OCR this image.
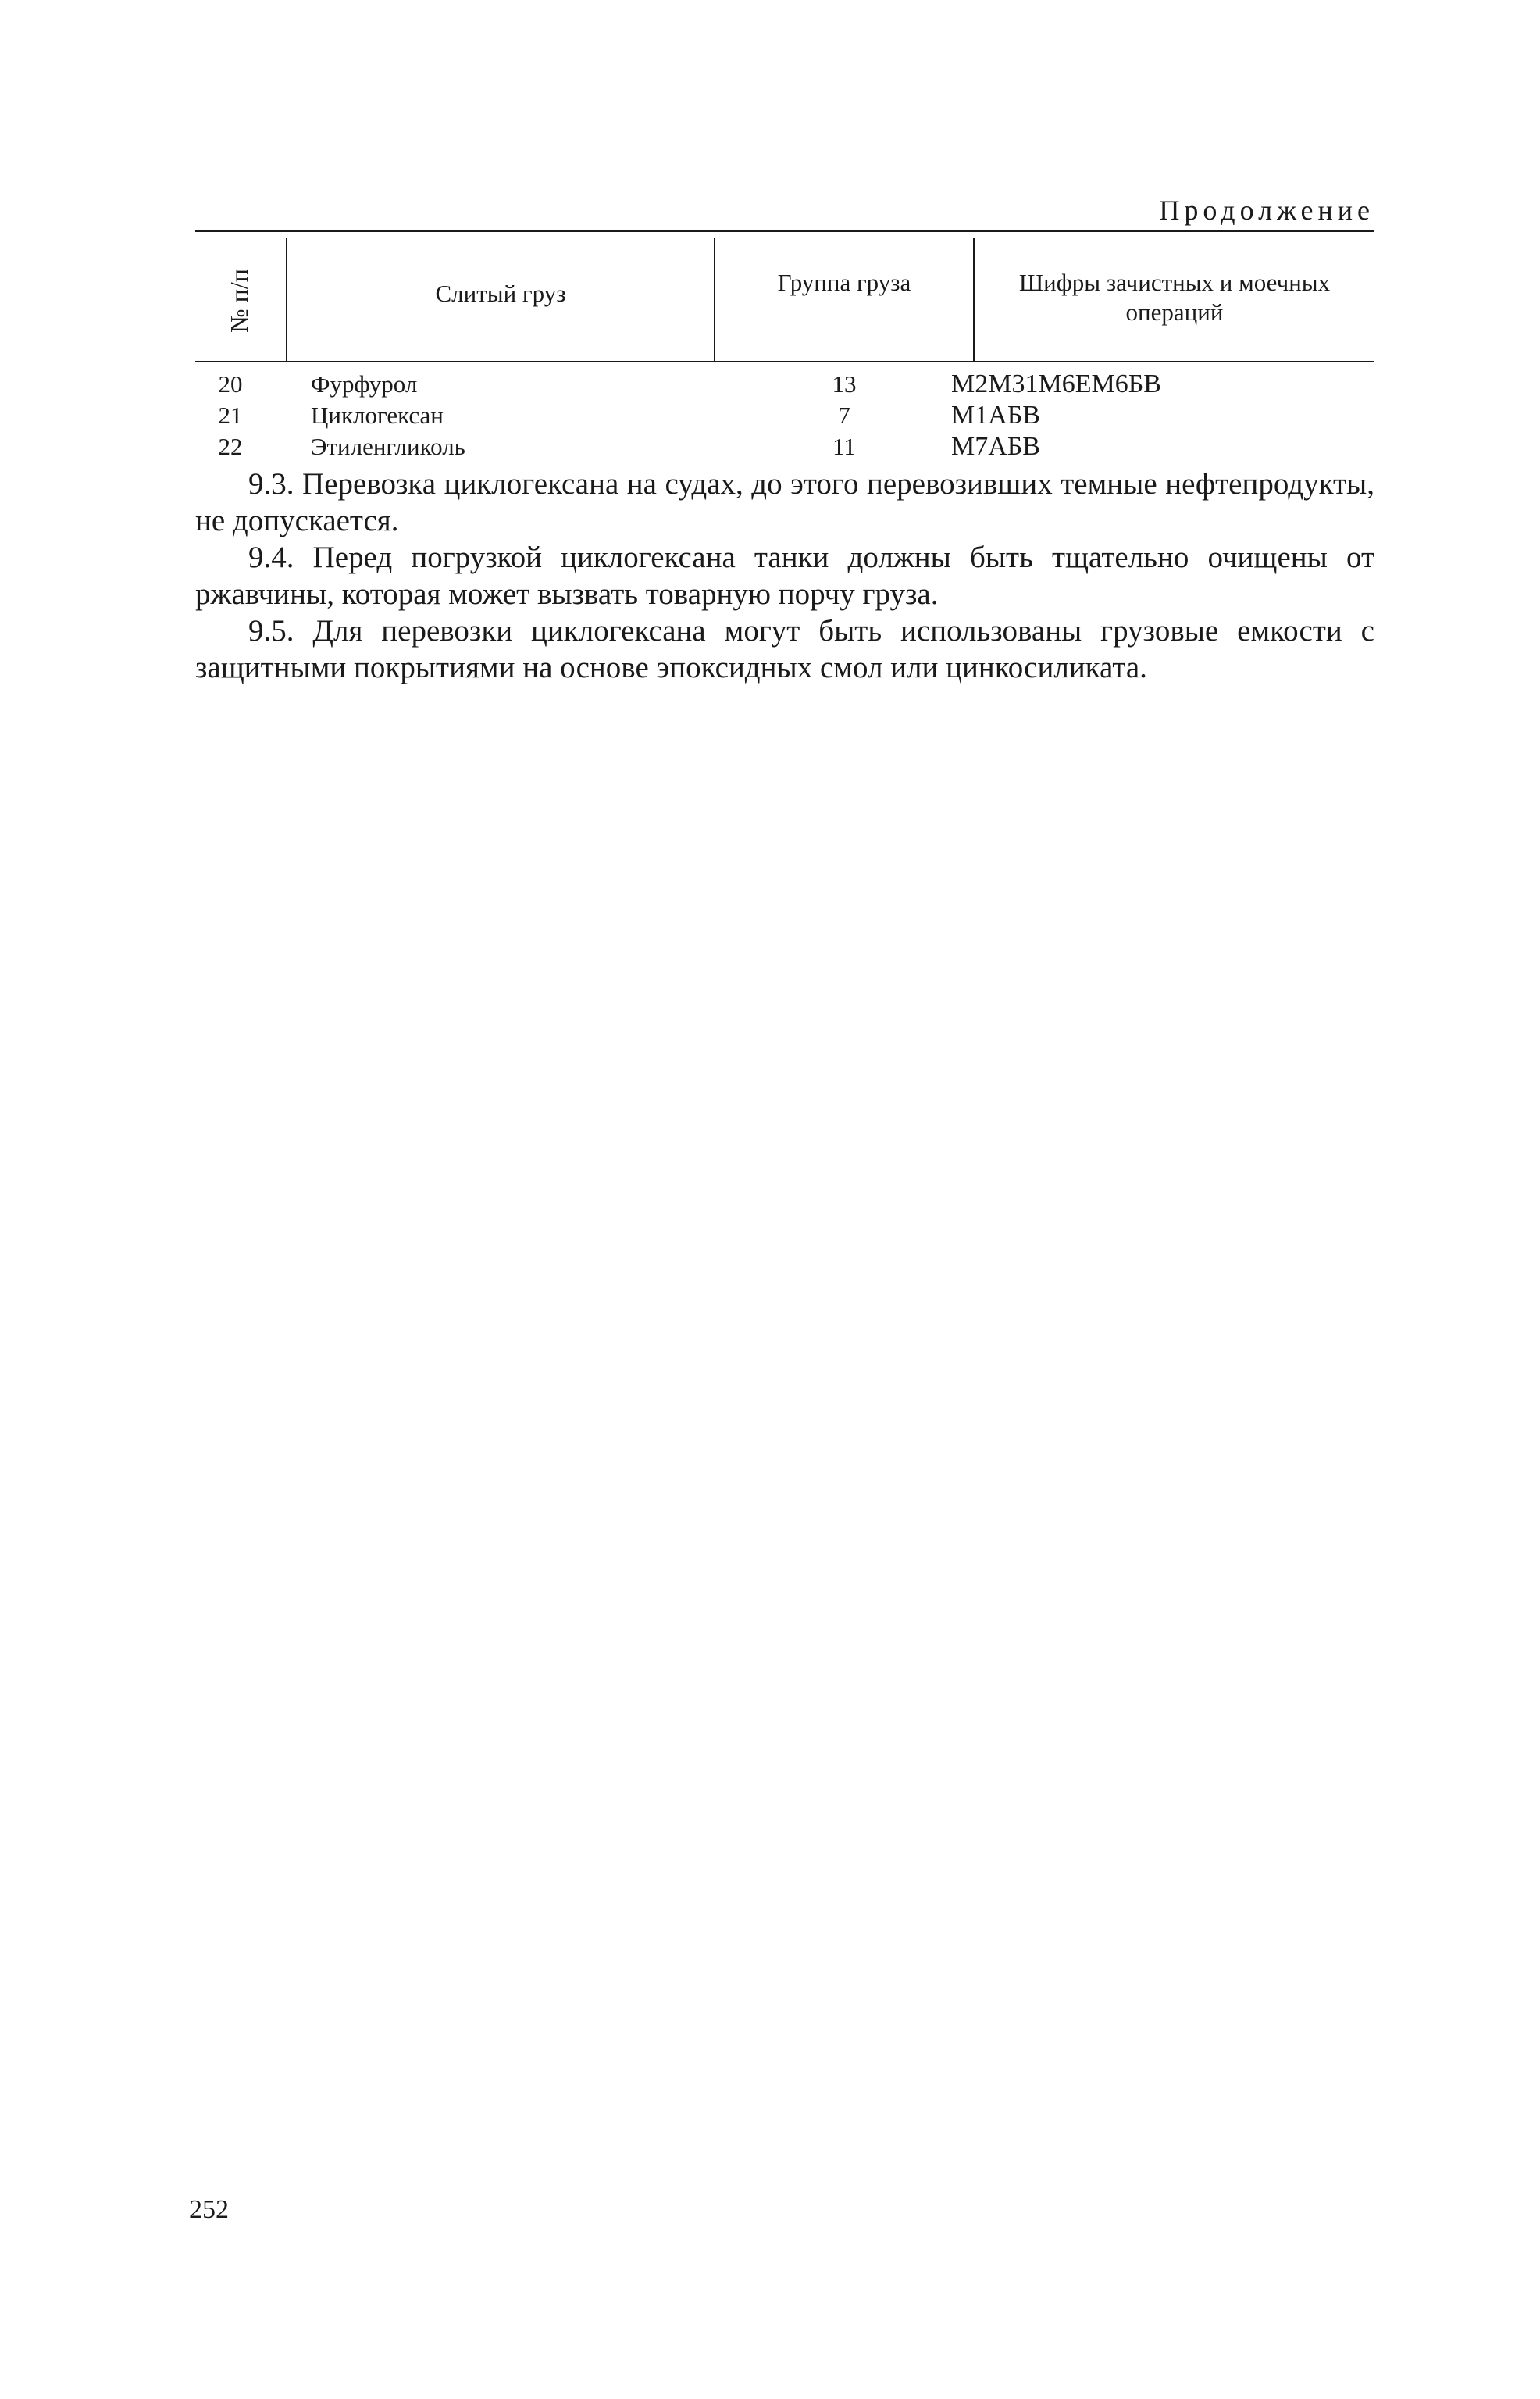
Продолжение
№ п/п	Слитый груз	Группа груза	Шифры зачистных и моечных операций
20	Фурфурол	13	М2М31М6ЕМ6БВ
21	Циклогексан	7	М1АБВ
22	Этиленгликоль	11	М7АБВ

9.3. Перевозка циклогексана на судах, до этого перевозивших темные нефтепродукты, не допускается.

9.4. Перед погрузкой циклогексана танки должны быть тщательно очищены от ржавчины, которая может вызвать товарную порчу груза.

9.5. Для перевозки циклогексана могут быть использованы грузовые емкости с защитными покрытиями на основе эпоксидных смол или цинкосиликата.

252
